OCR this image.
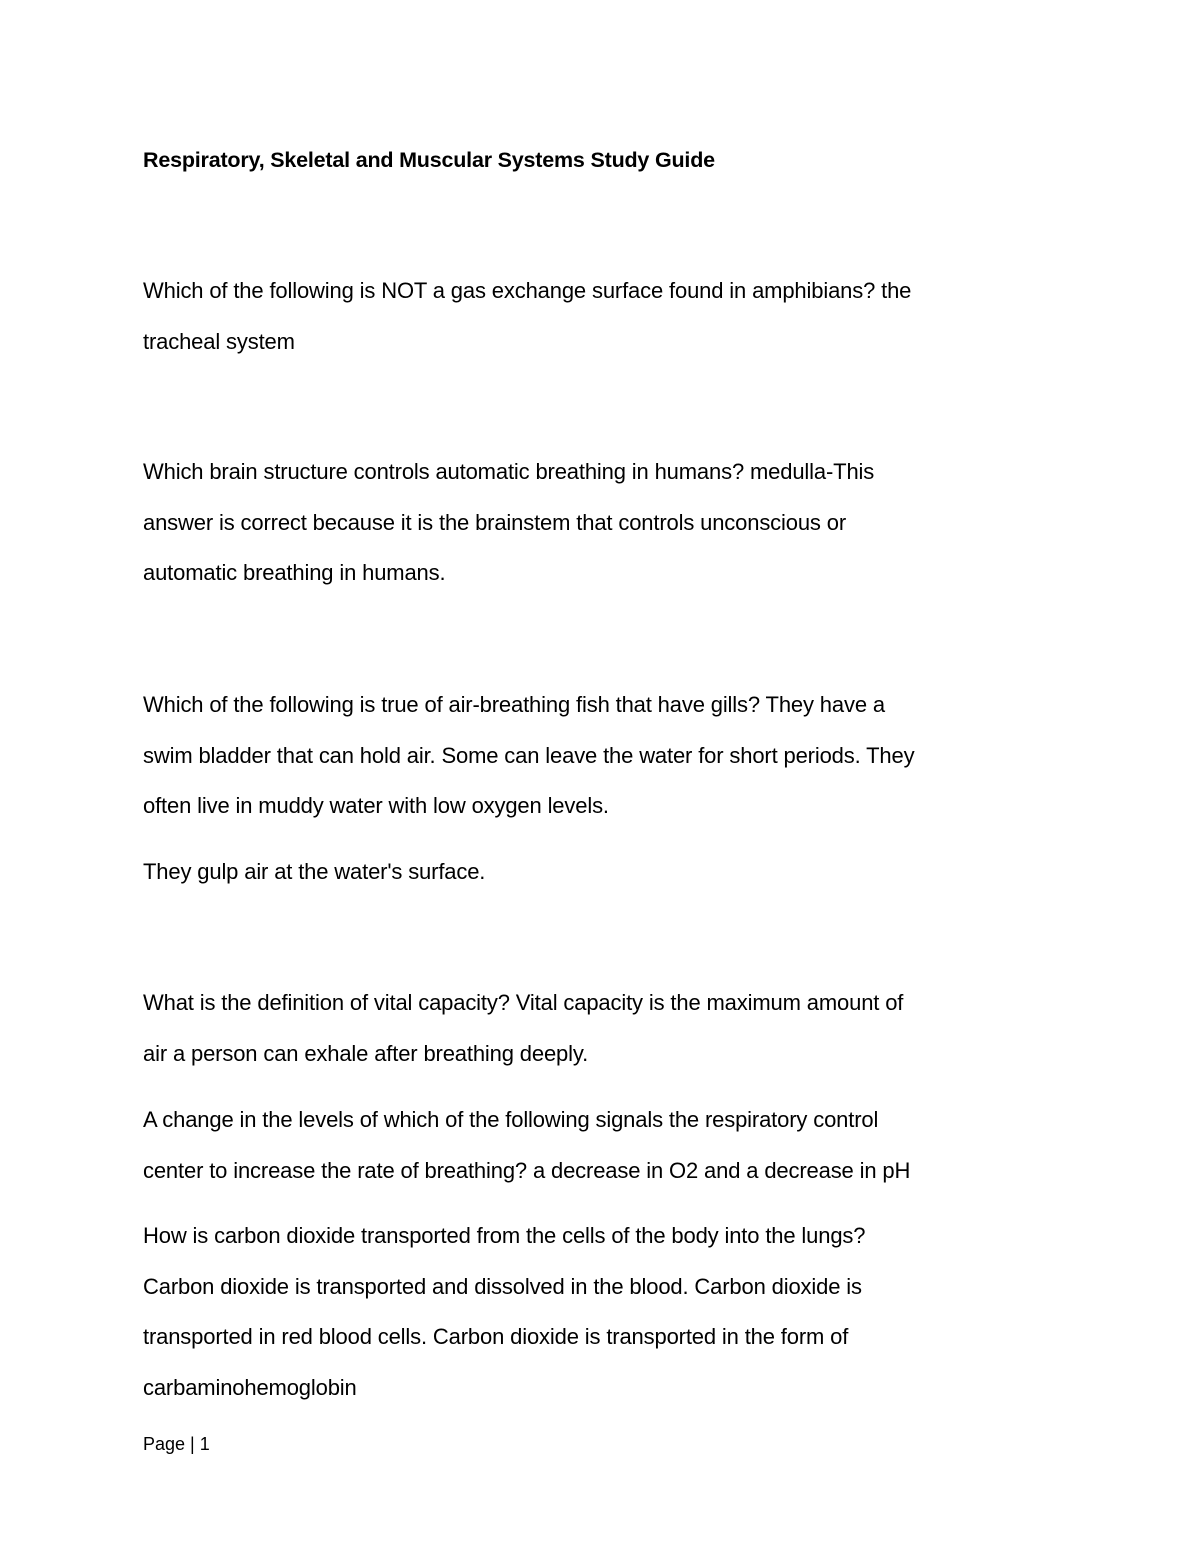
Respiratory, Skeletal and Muscular Systems Study Guide

Which of the following is NOT a gas exchange surface found in amphibians? the
tracheal system

Which brain structure controls automatic breathing in humans? medulla-This
answer is correct because it is the brainstem that controls unconscious or
automatic breathing in humans.

Which of the following is true of air-breathing fish that have gills? They have a
swim bladder that can hold air. Some can leave the water for short periods. They
often live in muddy water with low oxygen levels.

They gulp air at the water's surface.

What is the definition of vital capacity? Vital capacity is the maximum amount of
air a person can exhale after breathing deeply.

A change in the levels of which of the following signals the respiratory control
center to increase the rate of breathing? a decrease in O2 and a decrease in pH

How is carbon dioxide transported from the cells of the body into the lungs?
Carbon dioxide is transported and dissolved in the blood. Carbon dioxide is
transported in red blood cells. Carbon dioxide is transported in the form of
carbaminohemoglobin

Page | 1
